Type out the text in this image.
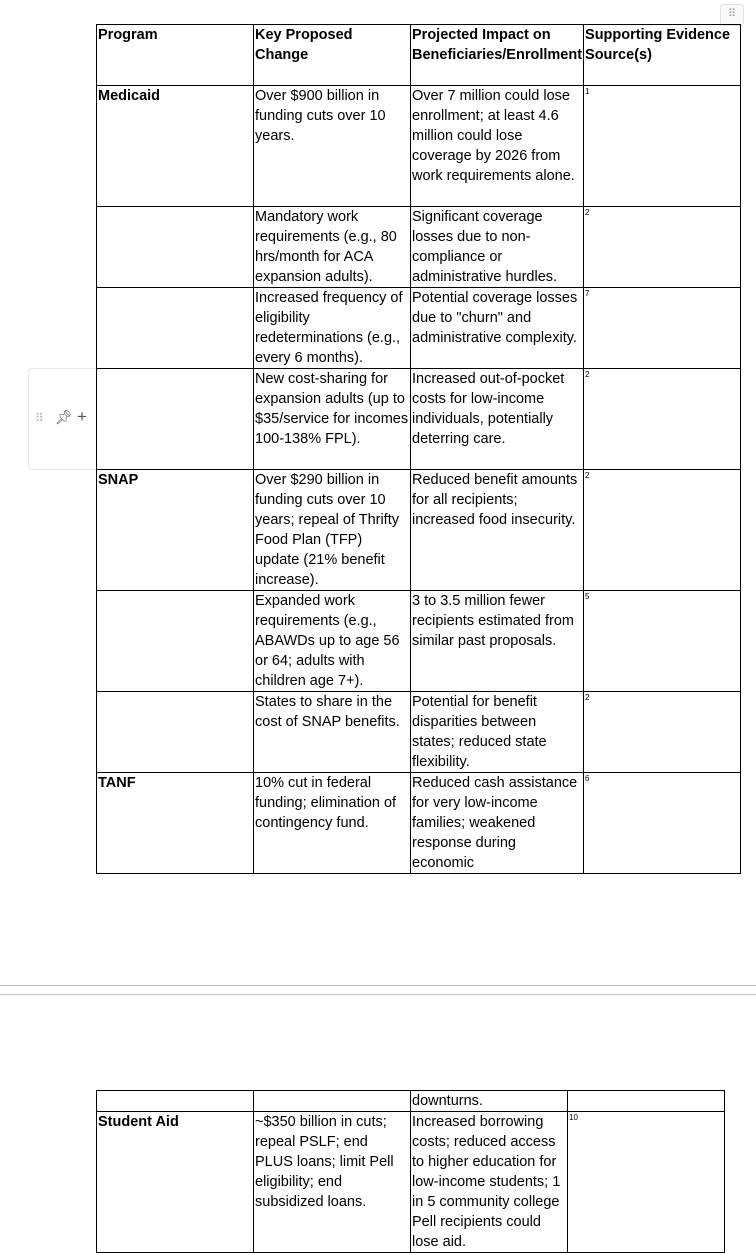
⠿
Program	Key Proposed Change	Projected Impact on Beneficiaries/Enrollment	Supporting Evidence Source(s)
Medicaid	Over $900 billion in funding cuts over 10 years.	Over 7 million could lose enrollment; at least 4.6 million could lose coverage by 2026 from work requirements alone.	1

	Mandatory work requirements (e.g., 80 hrs/month for ACA expansion adults).	Significant coverage losses due to non-compliance or administrative hurdles.	2

	Increased frequency of eligibility redeterminations (e.g., every 6 months).	Potential coverage losses due to "churn" and administrative complexity.	7

	New cost-sharing for expansion adults (up to $35/service for incomes 100-138% FPL).	Increased out-of-pocket costs for low-income individuals, potentially deterring care.	2

SNAP	Over $290 billion in funding cuts over 10 years; repeal of Thrifty Food Plan (TFP) update (21% benefit increase).	Reduced benefit amounts for all recipients; increased food insecurity.	2

	Expanded work requirements (e.g., ABAWDs up to age 56 or 64; adults with children age 7+).	3 to 3.5 million fewer recipients estimated from similar past proposals.	5

	States to share in the cost of SNAP benefits.	Potential for benefit disparities between states; reduced state flexibility.	2

TANF	10% cut in federal funding; elimination of contingency fund.	Reduced cash assistance for very low-income families; weakened response during economic	6
⠿ 📌︎ +
		downturns.	

Student Aid	~$350 billion in cuts; repeal PSLF; end PLUS loans; limit Pell eligibility; end subsidized loans.	Increased borrowing costs; reduced access to higher education for low-income students; 1 in 5 community college Pell recipients could lose aid.	10
